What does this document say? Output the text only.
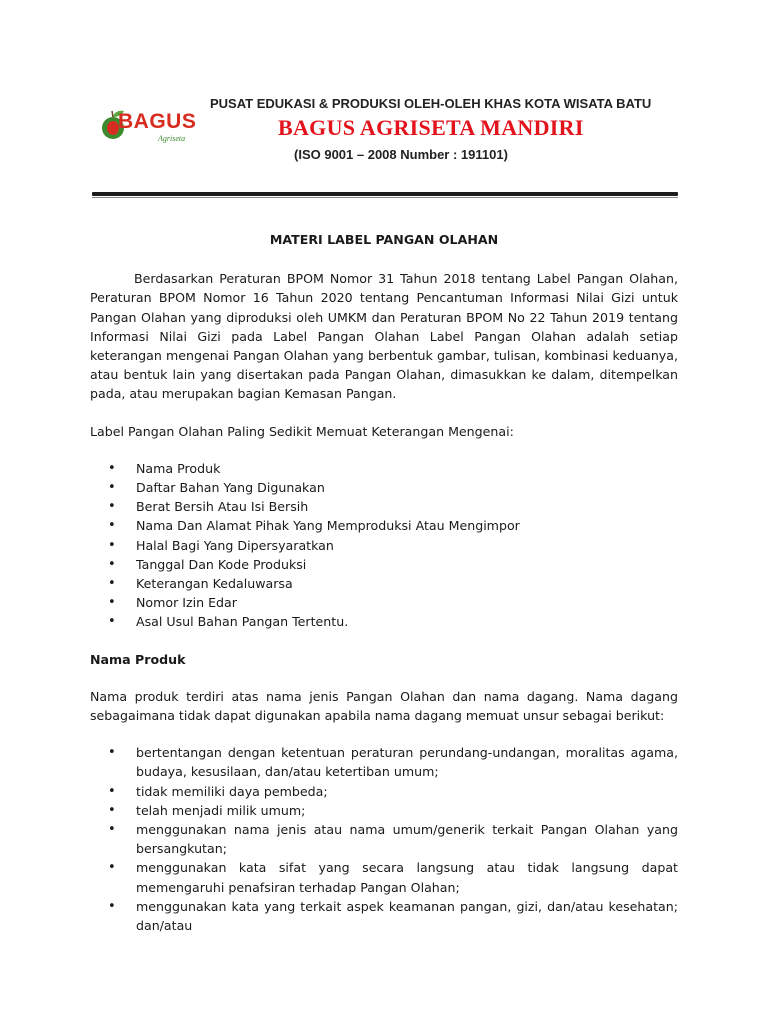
BAGUS
Agriseta
PUSAT EDUKASI & PRODUKSI OLEH-OLEH KHAS KOTA WISATA BATU
BAGUS AGRISETA MANDIRI
(ISO 9001 – 2008 Number : 191101)

MATERI LABEL PANGAN OLAHAN

Berdasarkan Peraturan BPOM Nomor 31 Tahun 2018 tentang Label Pangan Olahan, Peraturan BPOM Nomor 16 Tahun 2020 tentang Pencantuman Informasi Nilai Gizi untuk Pangan Olahan yang diproduksi oleh UMKM dan Peraturan BPOM No 22 Tahun 2019 tentang Informasi Nilai Gizi pada Label Pangan Olahan Label Pangan Olahan adalah setiap keterangan mengenai Pangan Olahan yang berbentuk gambar, tulisan, kombinasi keduanya, atau bentuk lain yang disertakan pada Pangan Olahan, dimasukkan ke dalam, ditempelkan pada, atau merupakan bagian Kemasan Pangan.

Label Pangan Olahan Paling Sedikit Memuat Keterangan Mengenai:

• Nama Produk
• Daftar Bahan Yang Digunakan
• Berat Bersih Atau Isi Bersih
• Nama Dan Alamat Pihak Yang Memproduksi Atau Mengimpor
• Halal Bagi Yang Dipersyaratkan
• Tanggal Dan Kode Produksi
• Keterangan Kedaluwarsa
• Nomor Izin Edar
• Asal Usul Bahan Pangan Tertentu.

Nama Produk

Nama produk terdiri atas nama jenis Pangan Olahan dan nama dagang. Nama dagang sebagaimana tidak dapat digunakan apabila nama dagang memuat unsur sebagai berikut:

• bertentangan dengan ketentuan peraturan perundang-undangan, moralitas agama, budaya, kesusilaan, dan/atau ketertiban umum;
• tidak memiliki daya pembeda;
• telah menjadi milik umum;
• menggunakan nama jenis atau nama umum/generik terkait Pangan Olahan yang bersangkutan;
• menggunakan kata sifat yang secara langsung atau tidak langsung dapat memengaruhi penafsiran terhadap Pangan Olahan;
• menggunakan kata yang terkait aspek keamanan pangan, gizi, dan/atau kesehatan; dan/atau
